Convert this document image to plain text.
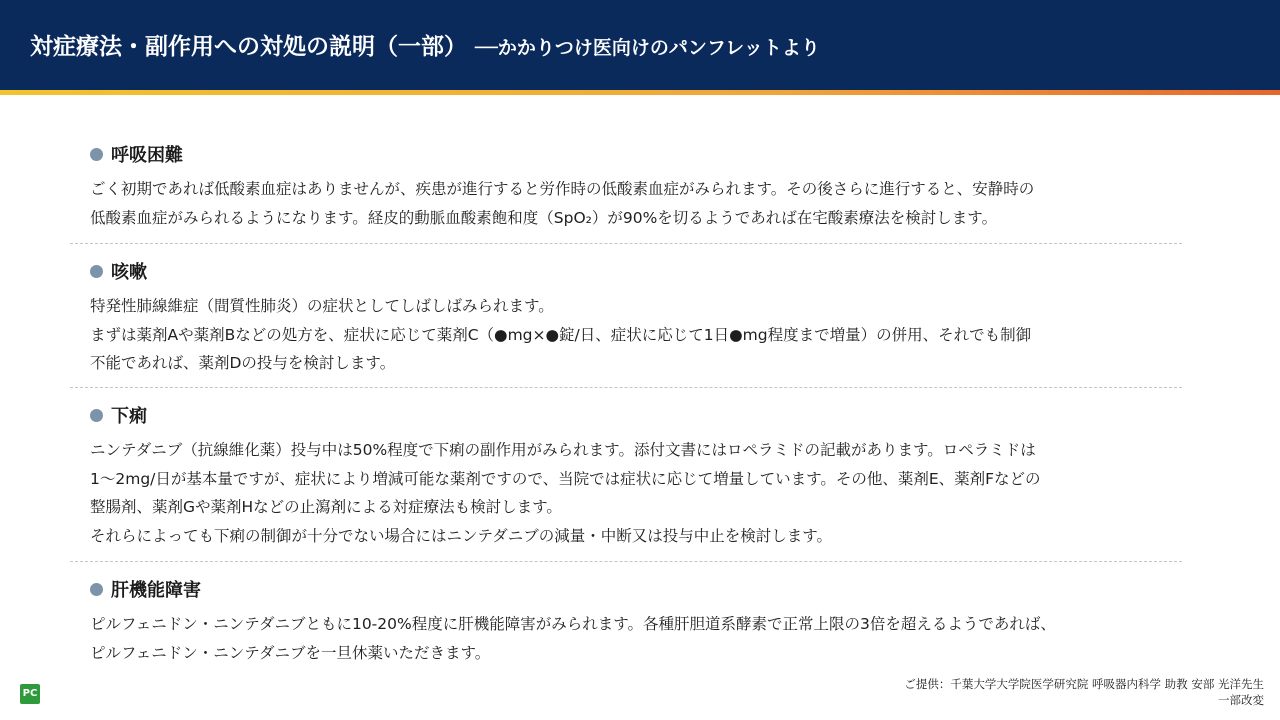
対症療法・副作用への対処の説明（一部） ──かかりつけ医向けのパンフレットより
呼吸困難
ごく初期であれば低酸素血症はありませんが、疾患が進行すると労作時の低酸素血症がみられます。その後さらに進行すると、安静時の
低酸素血症がみられるようになります。経皮的動脈血酸素飽和度（SpO₂）が90%を切るようであれば在宅酸素療法を検討します。
咳嗽
特発性肺線維症（間質性肺炎）の症状としてしばしばみられます。
まずは薬剤Aや薬剤Bなどの処方を、症状に応じて薬剤C（●mg×●錠/日、症状に応じて1日●mg程度まで増量）の併用、それでも制御
不能であれば、薬剤Dの投与を検討します。
下痢
ニンテダニブ（抗線維化薬）投与中は50%程度で下痢の副作用がみられます。添付文書にはロペラミドの記載があります。ロペラミドは
1〜2mg/日が基本量ですが、症状により増減可能な薬剤ですので、当院では症状に応じて増量しています。その他、薬剤E、薬剤Fなどの
整腸剤、薬剤Gや薬剤Hなどの止瀉剤による対症療法も検討します。
それらによっても下痢の制御が十分でない場合にはニンテダニブの減量・中断又は投与中止を検討します。
肝機能障害
ピルフェニドン・ニンテダニブともに10-20%程度に肝機能障害がみられます。各種肝胆道系酵素で正常上限の3倍を超えるようであれば、
ピルフェニドン・ニンテダニブを一旦休薬いただきます。
PC
ご提供：千葉大学大学院医学研究院 呼吸器内科学 助教 安部 光洋先生
一部改変
